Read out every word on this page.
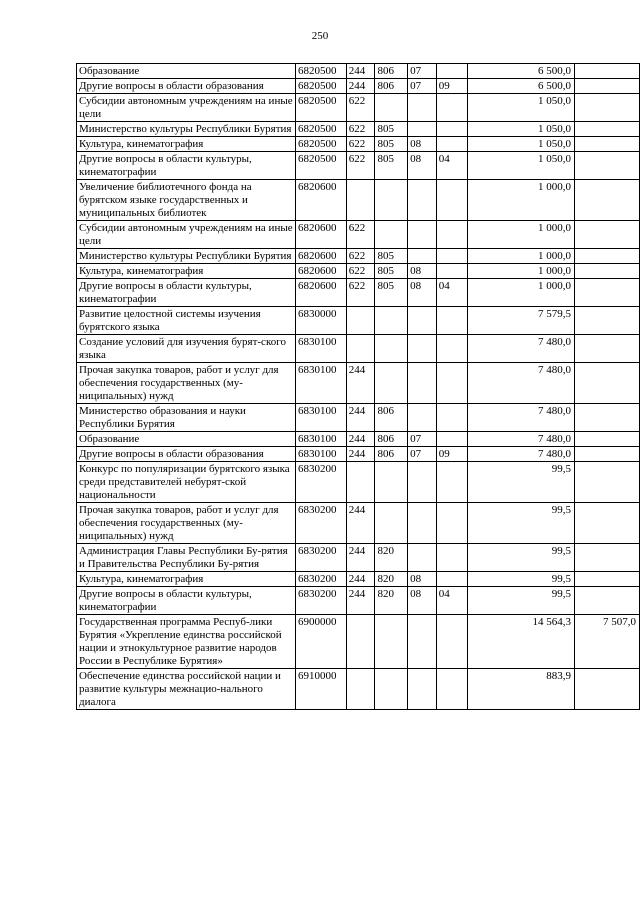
250
Образование	6820500	244	806	07		6 500,0	
Другие вопросы в области образования	6820500	244	806	07	09	6 500,0	
Субсидии автономным учреждениям на иные цели	6820500	622				1 050,0	
Министерство культуры Республики Бурятия	6820500	622	805			1 050,0	
Культура, кинематография	6820500	622	805	08		1 050,0	
Другие вопросы в области культуры, кинематографии	6820500	622	805	08	04	1 050,0	
Увеличение библиотечного фонда на бурятском языке государственных и муниципальных библиотек	6820600					1 000,0	
Субсидии автономным учреждениям на иные цели	6820600	622				1 000,0	
Министерство культуры Республики Бурятия	6820600	622	805			1 000,0	
Культура, кинематография	6820600	622	805	08		1 000,0	
Другие вопросы в области культуры, кинематографии	6820600	622	805	08	04	1 000,0	
Развитие целостной системы изучения бурятского языка	6830000					7 579,5	
Создание условий для изучения бурят-ского языка	6830100					7 480,0	
Прочая закупка товаров, работ и услуг для обеспечения государственных (му-ниципальных) нужд	6830100	244				7 480,0	
Министерство образования и науки Республики Бурятия	6830100	244	806			7 480,0	
Образование	6830100	244	806	07		7 480,0	
Другие вопросы в области образования	6830100	244	806	07	09	7 480,0	
Конкурс по популяризации бурятского языка среди представителей небурят-ской национальности	6830200					99,5	
Прочая закупка товаров, работ и услуг для обеспечения государственных (му-ниципальных) нужд	6830200	244				99,5	
Администрация Главы Республики Бу-рятия и Правительства Республики Бу-рятия	6830200	244	820			99,5	
Культура, кинематография	6830200	244	820	08		99,5	
Другие вопросы в области культуры, кинематографии	6830200	244	820	08	04	99,5	
Государственная программа Респуб-лики Бурятия «Укрепление единства российской нации и этнокультурное развитие народов России в Республике Бурятия»	6900000					14 564,3	7 507,0
Обеспечение единства российской нации и развитие культуры межнацио-нального диалога	6910000					883,9	
